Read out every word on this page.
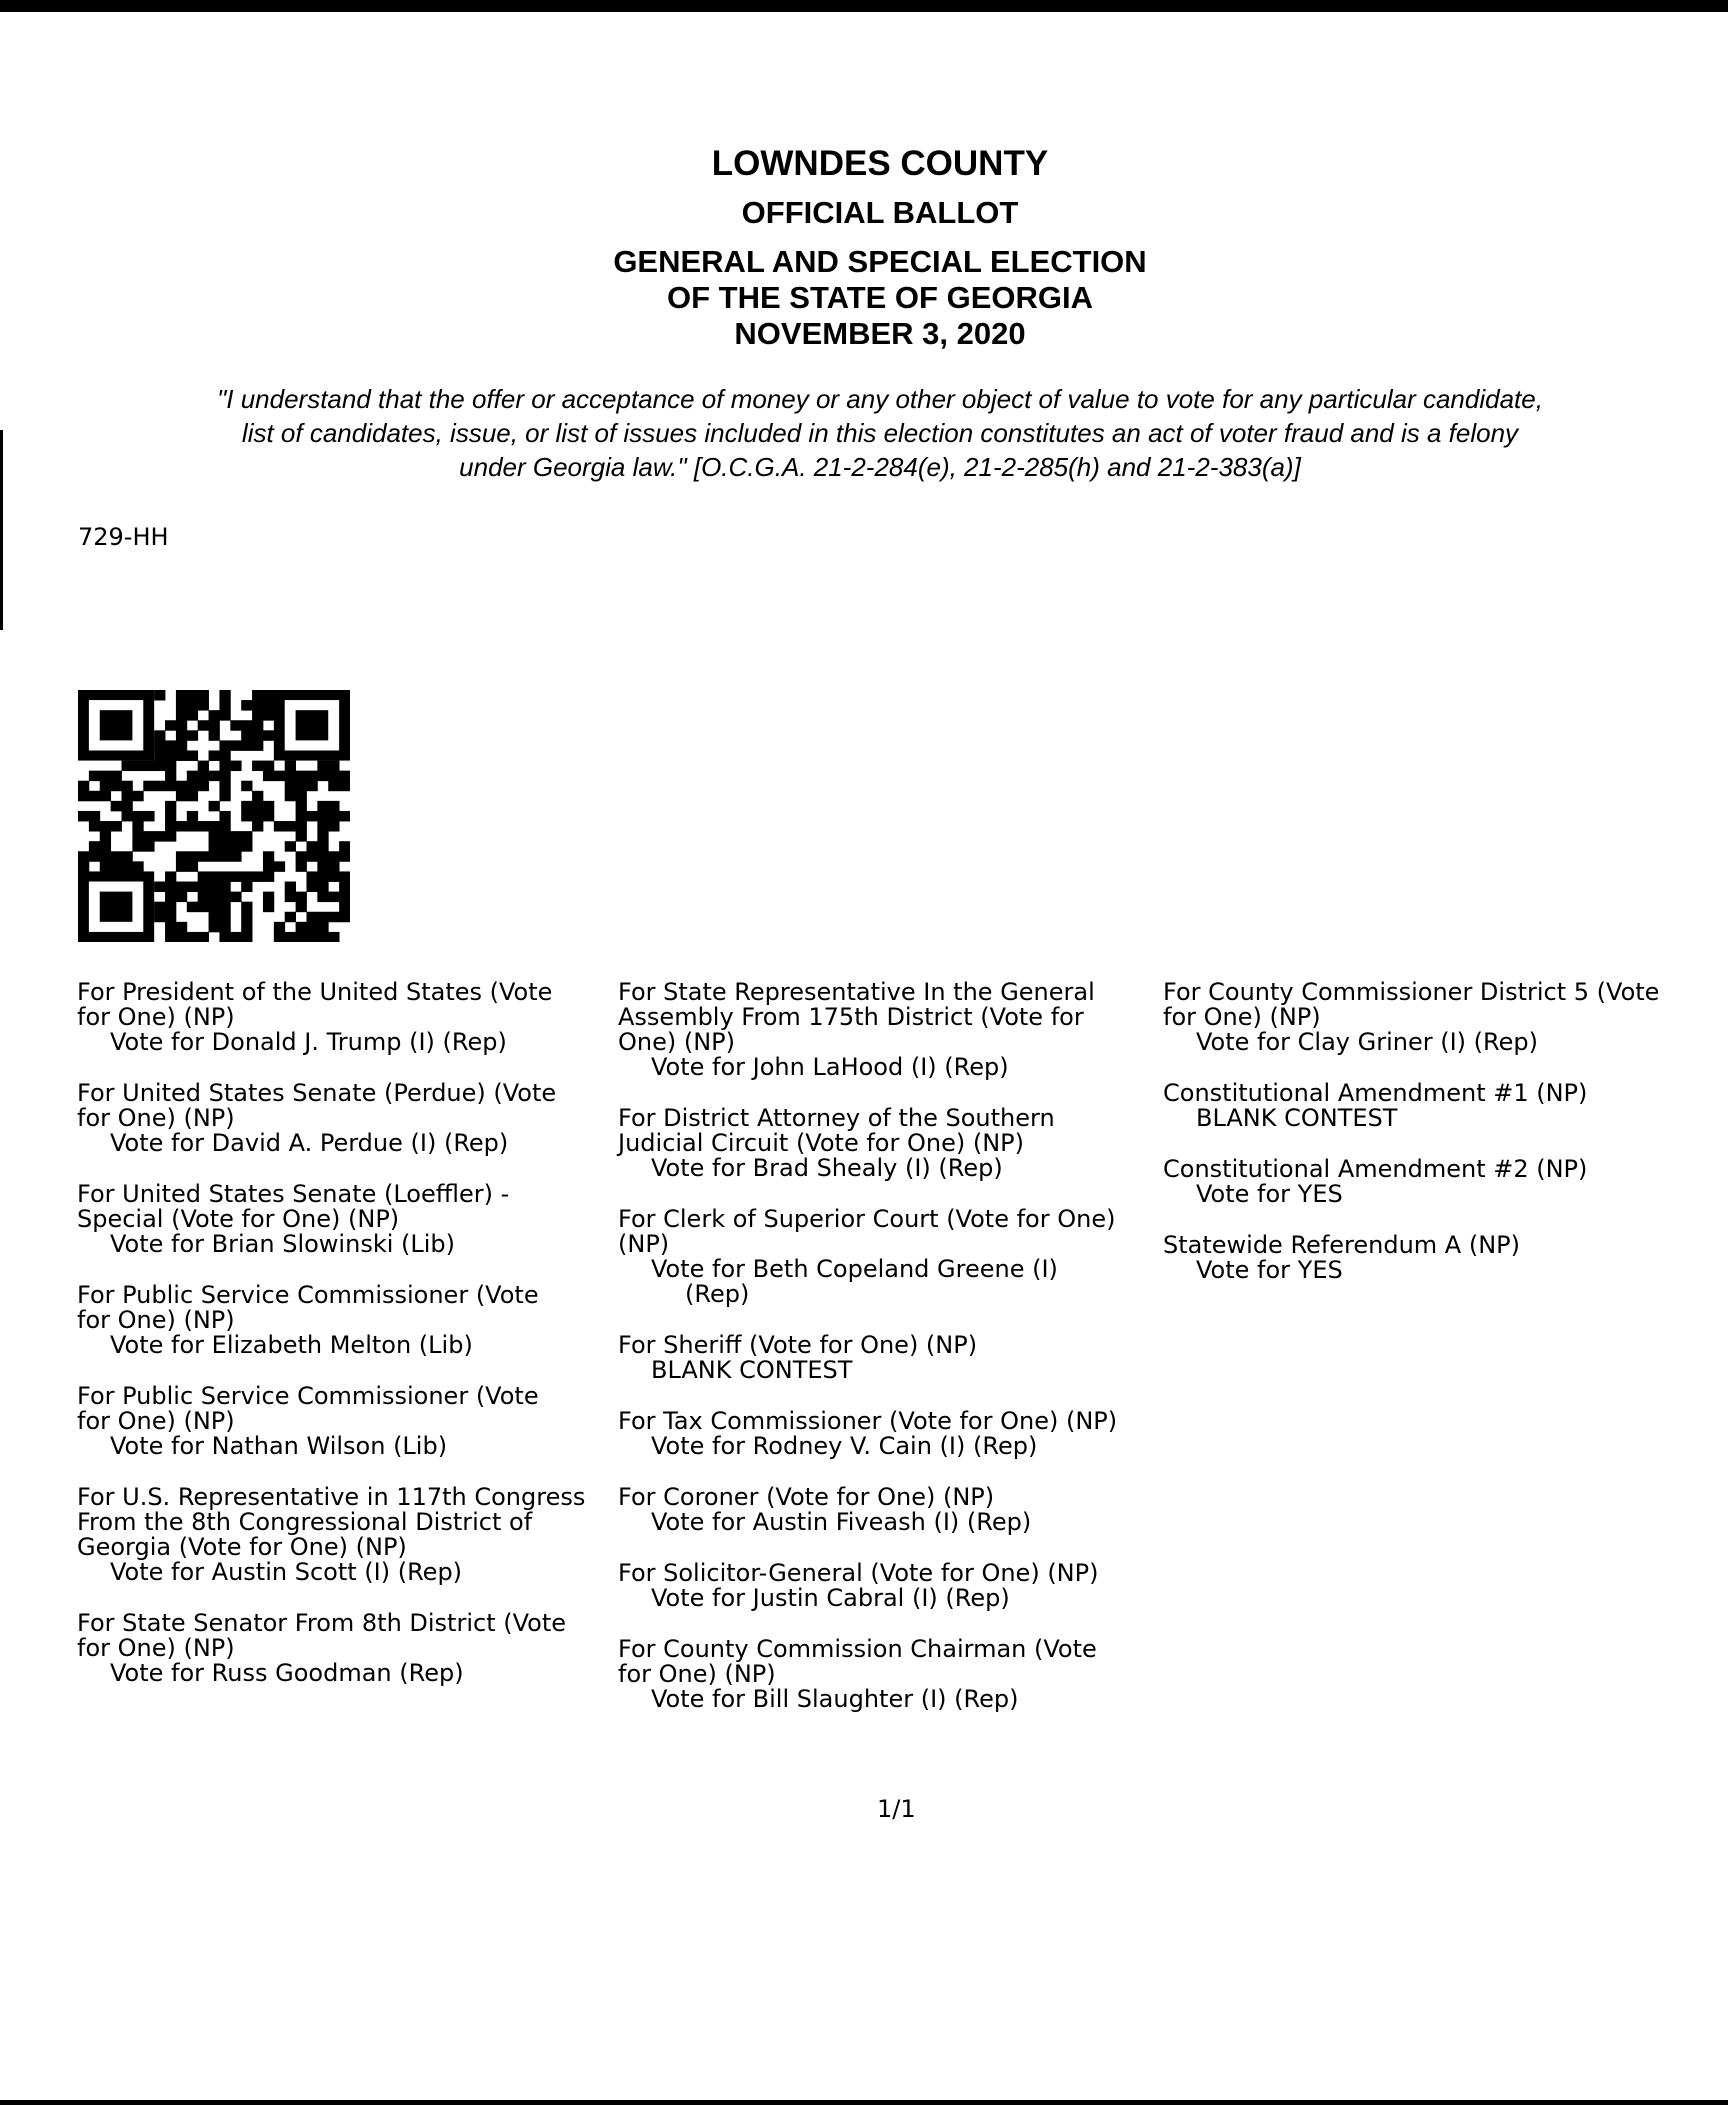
LOWNDES COUNTY
OFFICIAL BALLOT
GENERAL AND SPECIAL ELECTION
OF THE STATE OF GEORGIA
NOVEMBER 3, 2020
"I understand that the offer or acceptance of money or any other object of value to vote for any particular candidate,
list of candidates, issue, or list of issues included in this election constitutes an act of voter fraud and is a felony
under Georgia law." [O.C.G.A. 21-2-284(e), 21-2-285(h) and 21-2-383(a)]
729-HH
For President of the United States (Vote
for One) (NP)
Vote for Donald J. Trump (I) (Rep)
For United States Senate (Perdue) (Vote
for One) (NP)
Vote for David A. Perdue (I) (Rep)
For United States Senate (Loeffler) -
Special (Vote for One) (NP)
Vote for Brian Slowinski (Lib)
For Public Service Commissioner (Vote
for One) (NP)
Vote for Elizabeth Melton (Lib)
For Public Service Commissioner (Vote
for One) (NP)
Vote for Nathan Wilson (Lib)
For U.S. Representative in 117th Congress
From the 8th Congressional District of
Georgia (Vote for One) (NP)
Vote for Austin Scott (I) (Rep)
For State Senator From 8th District (Vote
for One) (NP)
Vote for Russ Goodman (Rep)
For State Representative In the General
Assembly From 175th District (Vote for
One) (NP)
Vote for John LaHood (I) (Rep)
For District Attorney of the Southern
Judicial Circuit (Vote for One) (NP)
Vote for Brad Shealy (I) (Rep)
For Clerk of Superior Court (Vote for One)
(NP)
Vote for Beth Copeland Greene (I)
(Rep)
For Sheriff (Vote for One) (NP)
BLANK CONTEST
For Tax Commissioner (Vote for One) (NP)
Vote for Rodney V. Cain (I) (Rep)
For Coroner (Vote for One) (NP)
Vote for Austin Fiveash (I) (Rep)
For Solicitor-General (Vote for One) (NP)
Vote for Justin Cabral (I) (Rep)
For County Commission Chairman (Vote
for One) (NP)
Vote for Bill Slaughter (I) (Rep)
For County Commissioner District 5 (Vote
for One) (NP)
Vote for Clay Griner (I) (Rep)
Constitutional Amendment #1 (NP)
BLANK CONTEST
Constitutional Amendment #2 (NP)
Vote for YES
Statewide Referendum A (NP)
Vote for YES
1/1
